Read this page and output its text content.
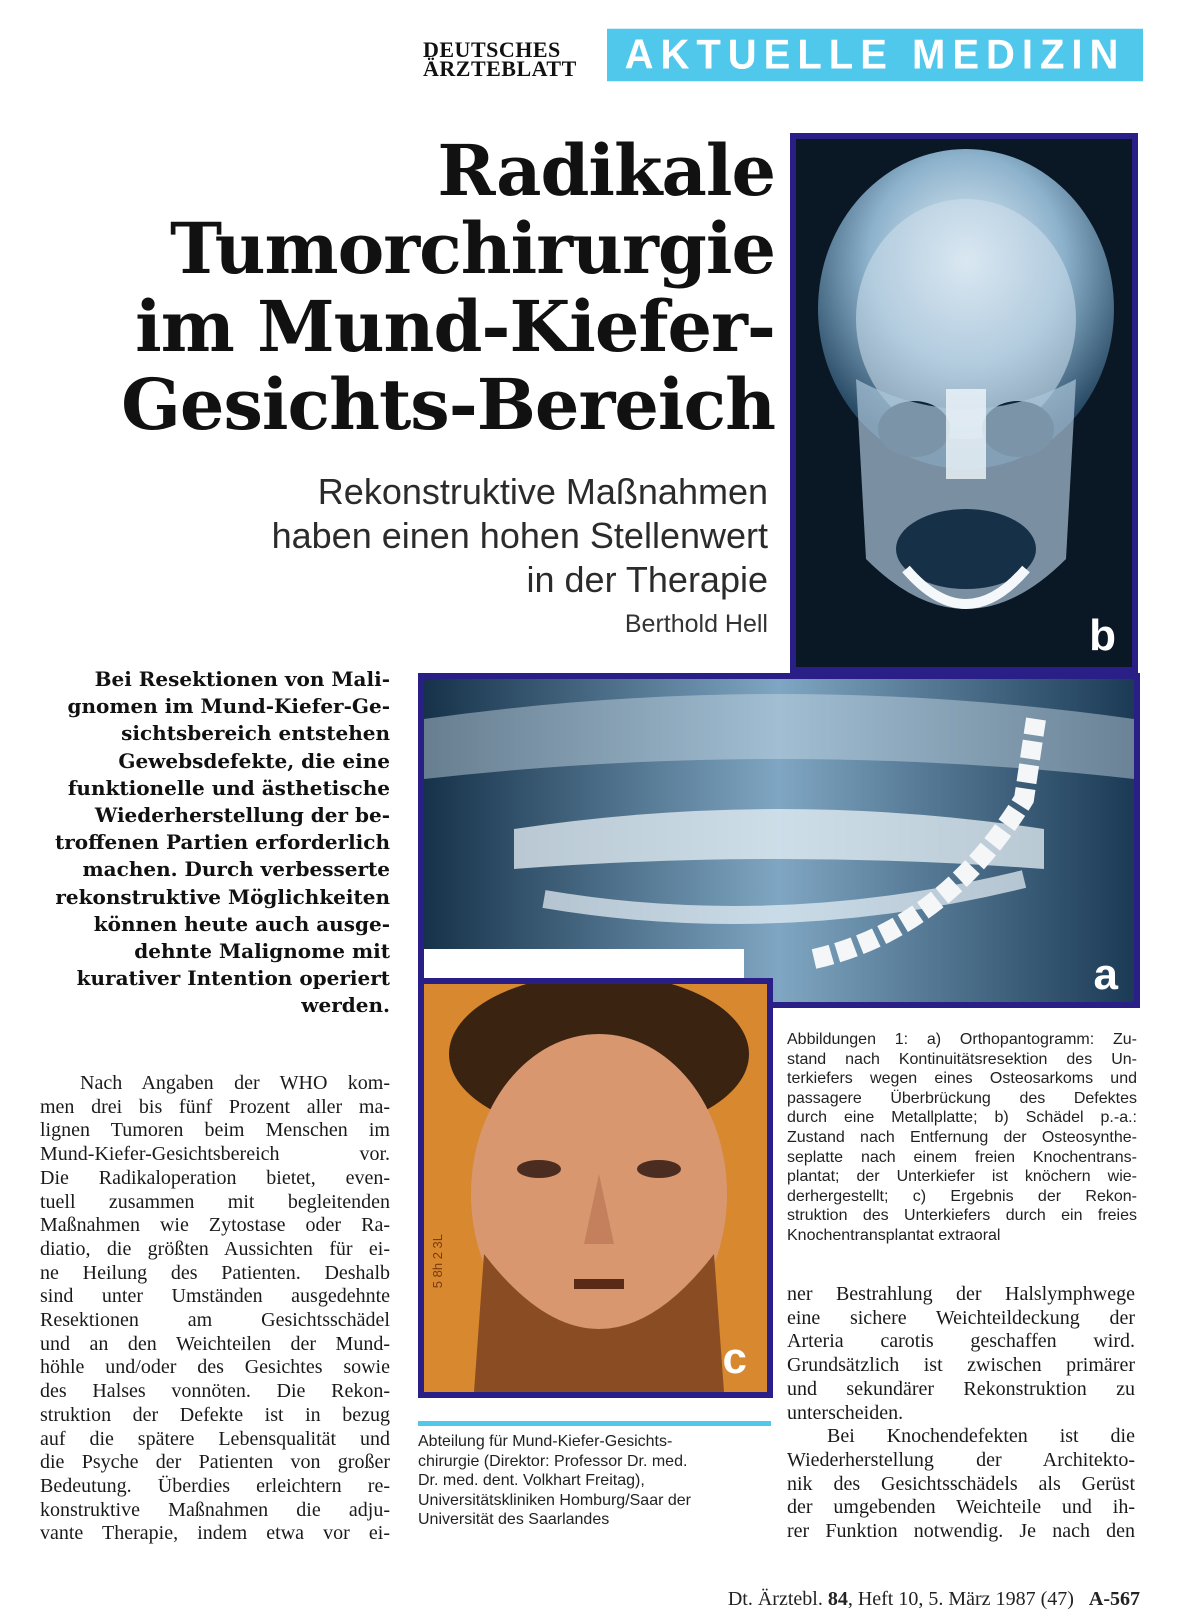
DEUTSCHES
ÄRZTEBLATT	AKTUELLE MEDIZIN
Radikale
Tumorchirurgie
im Mund-Kiefer-
Gesichts-Bereich
Rekonstruktive Maßnahmen
haben einen hohen Stellenwert
in der Therapie
Berthold Hell
Bei Resektionen von Mali-
gnomen im Mund-Kiefer-Ge-
sichtsbereich entstehen
Gewebsdefekte, die eine
funktionelle und ästhetische
Wiederherstellung der be-
troffenen Partien erforderlich
machen. Durch verbesserte
rekonstruktive Möglichkeiten
können heute auch ausge-
dehnte Malignome mit
kurativer Intention operiert
werden.
Nach Angaben der WHO kom-
men drei bis fünf Prozent aller ma-
lignen Tumoren beim Menschen im
Mund-Kiefer-Gesichtsbereich vor.
Die Radikaloperation bietet, even-
tuell zusammen mit begleitenden
Maßnahmen wie Zytostase oder Ra-
diatio, die größten Aussichten für ei-
ne Heilung des Patienten. Deshalb
sind unter Umständen ausgedehnte
Resektionen am Gesichtsschädel
und an den Weichteilen der Mund-
höhle und/oder des Gesichtes sowie
des Halses vonnöten. Die Rekon-
struktion der Defekte ist in bezug
auf die spätere Lebensqualität und
die Psyche der Patienten von großer
Bedeutung. Überdies erleichtern re-
konstruktive Maßnahmen die adju-
vante Therapie, indem etwa vor ei-
b
a
5 8h 2 3L
c
Abbildungen 1: a) Orthopantogramm: Zu-
stand nach Kontinuitätsresektion des Un-
terkiefers wegen eines Osteosarkoms und
passagere Überbrückung des Defektes
durch eine Metallplatte; b) Schädel p.-a.:
Zustand nach Entfernung der Osteosynthe-
seplatte nach einem freien Knochentrans-
plantat; der Unterkiefer ist knöchern wie-
derhergestellt; c) Ergebnis der Rekon-
struktion des Unterkiefers durch ein freies
Knochentransplantat extraoral
ner Bestrahlung der Halslymphwege
eine sichere Weichteildeckung der
Arteria carotis geschaffen wird.
Grundsätzlich ist zwischen primärer
und sekundärer Rekonstruktion zu
unterscheiden.
Bei Knochendefekten ist die
Wiederherstellung der Architekto-
nik des Gesichtsschädels als Gerüst
der umgebenden Weichteile und ih-
rer Funktion notwendig. Je nach den
Abteilung für Mund-Kiefer-Gesichts-
chirurgie (Direktor: Professor Dr. med.
Dr. med. dent. Volkhart Freitag),
Universitätskliniken Homburg/Saar der
Universität des Saarlandes
Dt. Ärztebl. 84, Heft 10, 5. März 1987 (47) A-567
